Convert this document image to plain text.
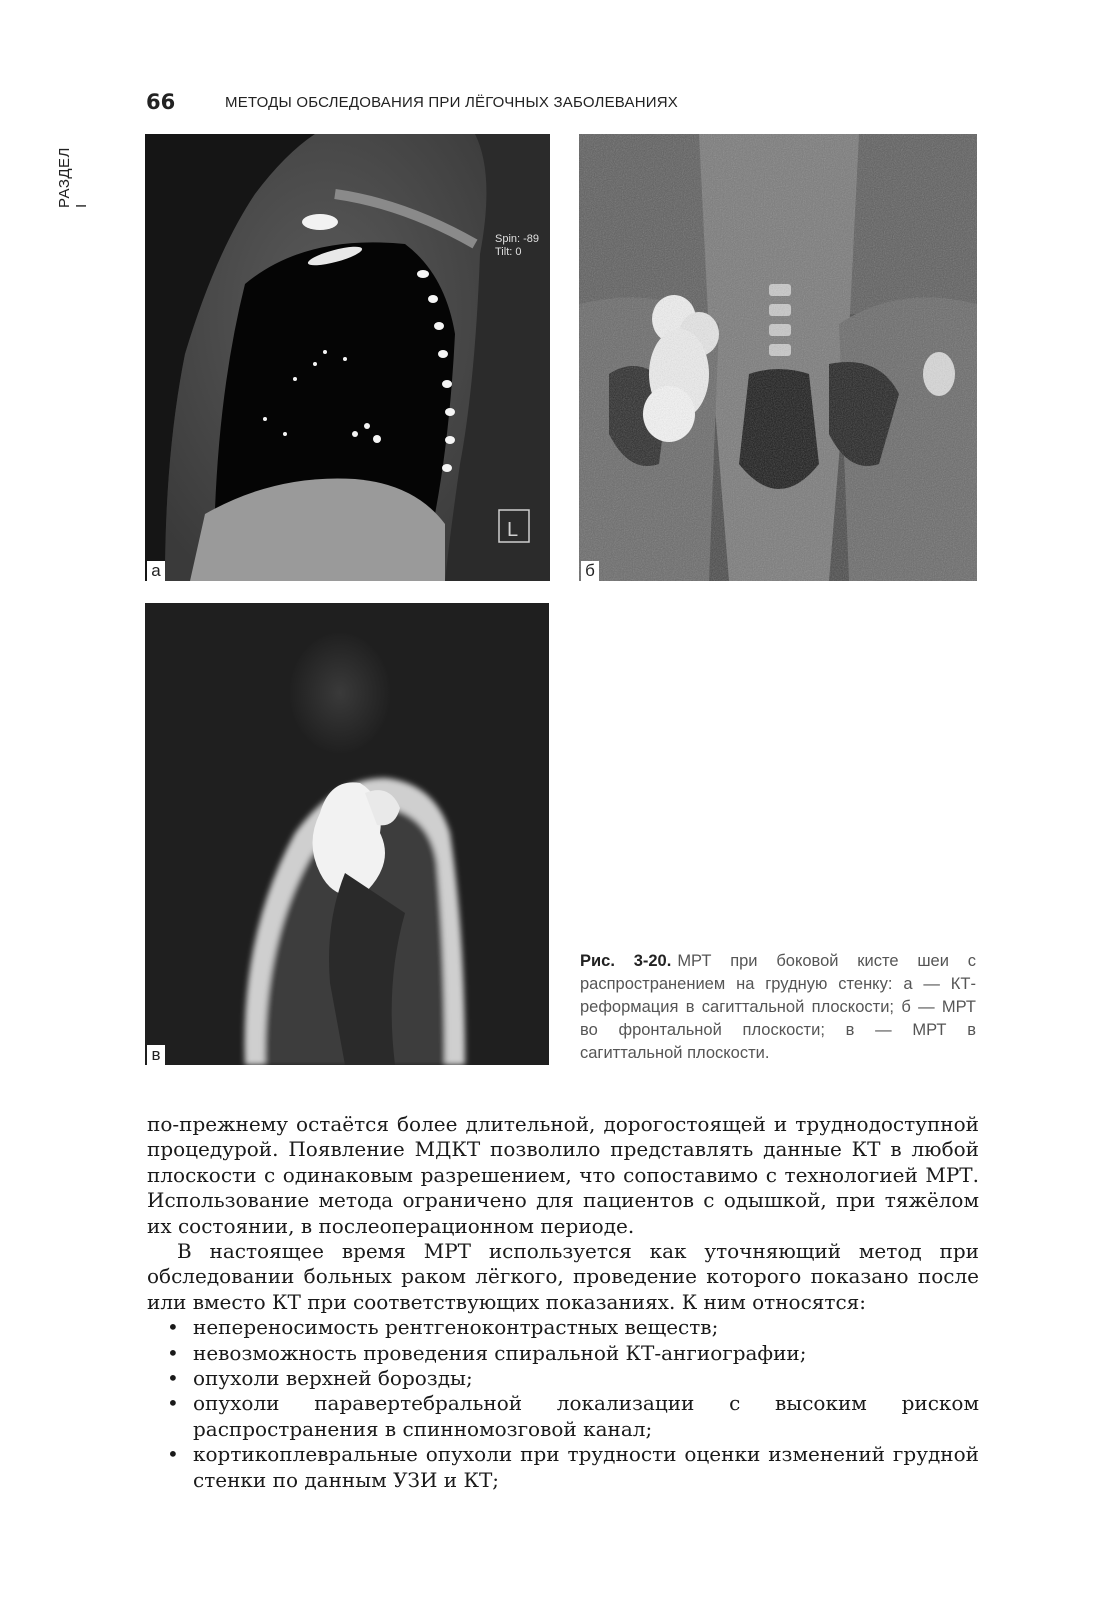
РАЗДЕЛ I
66	МЕТОДЫ ОБСЛЕДОВАНИЯ ПРИ ЛЁГОЧНЫХ ЗАБОЛЕВАНИЯХ
Spin: -89
Tilt: 0
L
а	б
в
Рис. 3-20. МРТ при боковой кисте шеи с распространением на грудную стенку: а — КТ-реформация в сагиттальной плоскости; б — МРТ во фронтальной плоскости; в — МРТ в сагиттальной плоскости.

по-прежнему остаётся более длительной, дорогостоящей и труднодоступной процедурой. Появление МДКТ позволило представлять данные КТ в любой плоскости с одинаковым разрешением, что сопоставимо с технологией МРТ. Использование метода ограничено для пациентов с одышкой, при тяжёлом их состоянии, в послеоперационном периоде.

В настоящее время МРТ используется как уточняющий метод при обследовании больных раком лёгкого, проведение которого показано после или вместо КТ при соответствующих показаниях. К ним относятся:

• непереносимость рентгеноконтрастных веществ;
• невозможность проведения спиральной КТ-ангиографии;
• опухоли верхней борозды;
• опухоли паравертебральной локализации с высоким риском распространения в спинномозговой канал;
• кортикоплевральные опухоли при трудности оценки изменений грудной стенки по данным УЗИ и КТ;
